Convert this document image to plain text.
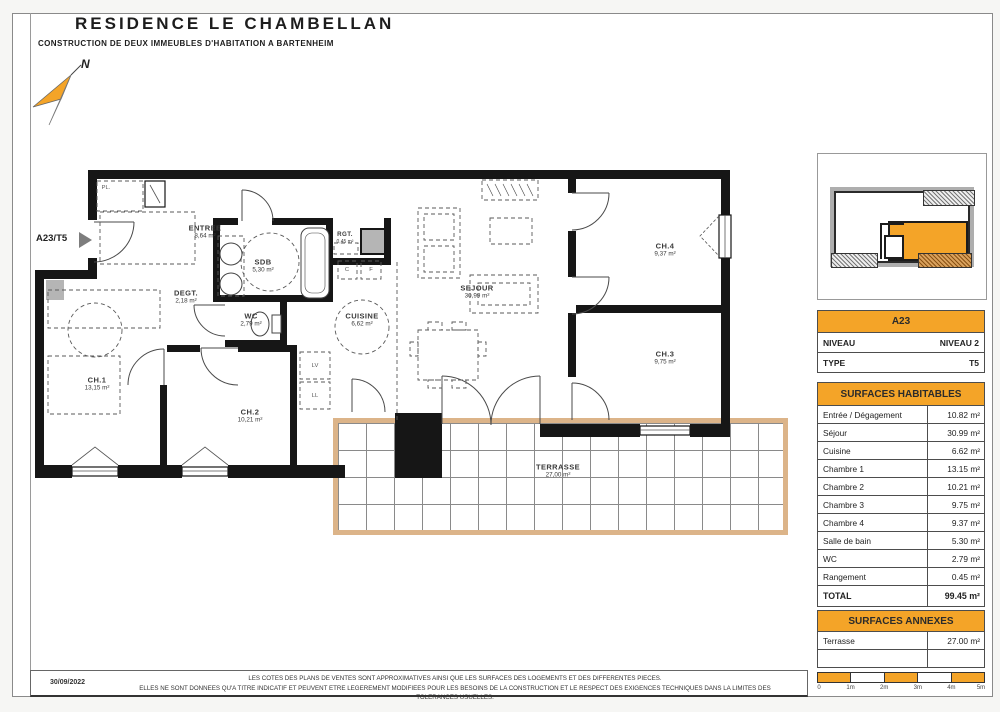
RESIDENCE LE CHAMBELLAN
CONSTRUCTION DE DEUX IMMEUBLES D'HABITATION A BARTENHEIM
N
A23/T5
ENTREE
8,64 m²
SDB
5,30 m²
DEGT.
2,18 m²
WC
2,79 m²
CUISINE
6,62 m²
SEJOUR
30,99 m²
CH.1
13,15 m²
CH.2
10,21 m²
CH.3
9,75 m²
CH.4
9,37 m²
TERRASSE
27,00 m²
RGT.
0,45 m²
PL.
C	F
LV
LL
A23
NIVEAU	NIVEAU 2
TYPE	T5
SURFACES HABITABLES
Entrée / Dégagement	10.82 m²
Séjour	30.99 m²
Cuisine	6.62 m²
Chambre 1	13.15 m²
Chambre 2	10.21 m²
Chambre 3	9.75 m²
Chambre 4	9.37 m²
Salle de bain	5.30 m²
WC	2.79 m²
Rangement	0.45 m²
TOTAL	99.45 m²
SURFACES ANNEXES
Terrasse	27.00 m²
0	1m	2m	3m	4m	5m
30/09/2022
LES COTES DES PLANS DE VENTES SONT APPROXIMATIVES AINSI QUE LES SURFACES DES LOGEMENTS ET DES DIFFERENTES PIECES.
ELLES NE SONT DONNEES QU'A TITRE INDICATIF ET PEUVENT ETRE LEGEREMENT MODIFIEES POUR LES BESOINS DE LA CONSTRUCTION ET LE RESPECT DES EXIGENCES TECHNIQUES DANS LA LIMITES DES TOLERANCES USUELLES.
